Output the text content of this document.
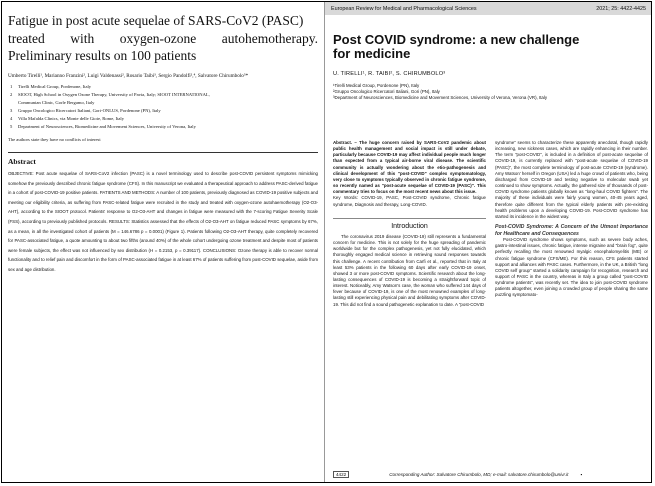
Fatigue in post acute sequelae of SARS-CoV2 (PASC)
treated with oxygen-ozone autohemotherapy.
Preliminary results on 100 patients
Umberto Tirelli¹, Marianno Franzini², Luigi Valdenassi², Rosario Taibi³, Sergio Pandolfi²,⁴, Salvatore Chirumbolo⁵*
1 Tirelli Medical Group, Pordenone, Italy
2 SIOOT, High School in Oxygen Ozone Therapy, University of Pavia, Italy; SIOOT INTERNATIONAL,
Communian Clinic, Gorle Bergamo, Italy
3 Gruppo Oncologico Ricercatori Italiani, Gori-ONLUS, Pordenone (PN), Italy
4 Villa Mafalda Clinics, via Monte delle Gioie, Rome, Italy
5 Department of Neurosciences, Biomedicine and Movement Sciences, University of Verona, Italy
The authors state they have no conflicts of interest
Abstract

OBJECTIVE: Post acute sequelae of SARS-CoV2 infection (PASC) is a novel terminology used to describe post-COVID persistent symptoms mimicking somehow the previously described chronic fatigue syndrome (CFS). In this manuscript we evaluated a therapeutical approach to address PASC-derived fatigue in a cohort of post-COVID-19 positive patients. PATIENTS AND METHODS: A number of 100 patients, previously diagnosed as COVID-19 positive subjects and meeting our eligibility criteria, as suffering from PASC-related fatigue were recruited in the study and treated with oxygen-ozone autohaemotherapy (O2-O3-AHT), according to the SIOOT protocol. Patients' response to O2-O3-AHT and changes in fatigue were measured with the 7-scoring Fatigue Severity Scale (FSS), according to previously published protocols. RESULTS: Statistics assessed that the effects of O2-O3-AHT on fatigue reduced PASC symptoms by 67%, as a mean, in all the investigated cohort of patients (M = 146.6786 p = 0.0001) (Figure 1). Patients following O2-O3-AHT therapy, quite completely recovered for PASC-associated fatigue, a quote amounting to about two fifths (around 40%) of the whole cohort undergoing ozone treatment and despite most of patients were female subjects, the effect was not influenced by sex distribution (H = 0.2153, p = 0.39117). CONCLUSIONS: Ozone therapy is able to recover normal functionality and to relief pain and discomfort in the form of PASC-associated fatigue in at least 67% of patients suffering from post-COVID sequelae, aside from sex and age distribution.

European Review for Medical and Pharmacological Sciences	2021; 25: 4422-4425
Post COVID syndrome: a new challenge
for medicine
U. TIRELLI¹, R. TAIBI², S. CHIRUMBOLO³
¹Tirelli Medical Group, Pordenone (PN), Italy
²Gruppo Oncologico Ricercatori Italiani, Gori (PN), Italy
³Department of Neurosciences, Biomedicine and Movement Sciences, University of Verona, Verona (VR), Italy

Abstract. – The huge concern raised by SARS-CoV2 pandemic about public health management and social impact is still under debate, particularly because COVID-19 may affect individual people much longer than expected from a typical air-borne viral disease. The scientific community is actually wondering about the etio-pathogenesis and clinical development of this "post-COVID" complex symptomatology, very close to symptoms typically observed in chronic fatigue syndrome, so recently named as "post-acute sequelae of COVID-19 (PASC)". This commentary tries to focus on the most recent news about this issue.

Key Words: COVID-19, PASC, Post-COVID syndrome, Chronic fatigue syndrome, Diagnosis and therapy, Long-COVID.

Introduction

The coronavirus 2019 disease (COVID-19) still represents a fundamental concern for medicine. This is not solely for the huge spreading of pandemic worldwide but for the complex pathogenesis, yet not fully elucidated, which thoroughly engaged medical science in retrieving sound responses towards this challenge. A recent contribution from Carfi et al., reported that in Italy at least 53% patients in the following 60 days after early COVID-19 onset, showed 3 or more post-COVID symptoms. Scientific research about the long-lasting consequences of COVID-19 is becoming a straightforward topic of interest. Noticeably, Amy Watson's case, the woman who suffered 144 days of fever because of COVID-19, is one of the most renowned examples of long-lasting still experiencing physical pain and debilitating symptoms after COVID-19. This did not find a sound pathogenetic explanation to date. A "post-COVID

syndrome" seems to characterize these apparently anecdotal, though rapidly increasing, new sickness cases, which are rapidly enhancing in their number. The term "post-COVID", is included in a definition of post-acute sequelae of COVID-19, is currently replaced with "post-acute sequelae of COVID-19 (PASC)", the most complete terminology of post-acute COVID-19 (syndrome). Amy Watson' herself in Oregon (USA) led a huge crowd of patients who, being discharged from COVID-19 and testing negative to molecular swab yet continued to show symptoms. Actually, the gathered size of thousands of post-COVID syndrome patients globally known as "long-haul COVID fighters". The majority of these individuals were fairly young women, 40-45 years aged, therefore quite different from the typical elderly patients with pre-existing health problems upon a developing COVID-19. Post-COVID syndrome has started its incidence in the widest way.

Post-COVID Syndrome: A Concern of the Utmost Importance for Healthcare and Consequences

Post-COVID syndrome shows symptoms, such as severe body aches, gastro-intestinal issues, chronic fatigue, intense migraine and "brain fog", quite perfectly recalling the most renowned myalgic encephalomyelitis (ME) or chronic fatigue syndrome (CFS/ME). For this reason, CFS patients started support and alliances with PASC cases. Furthermore, in the UK, a British "long COVID self group" started a solidarity campaign for recognition, research and support of PASC in the country, whereas in Italy a group called "post-COVID syndrome patients", was recently set. The idea to join post-COVID syndrome patients altogether, even joining a crowded group of people sharing the same puzzling symptomato-

4422	Corresponding Author: Salvatore Chirumbolo, MD; e-mail: salvatore.chirumbolo@univr.it	▪
